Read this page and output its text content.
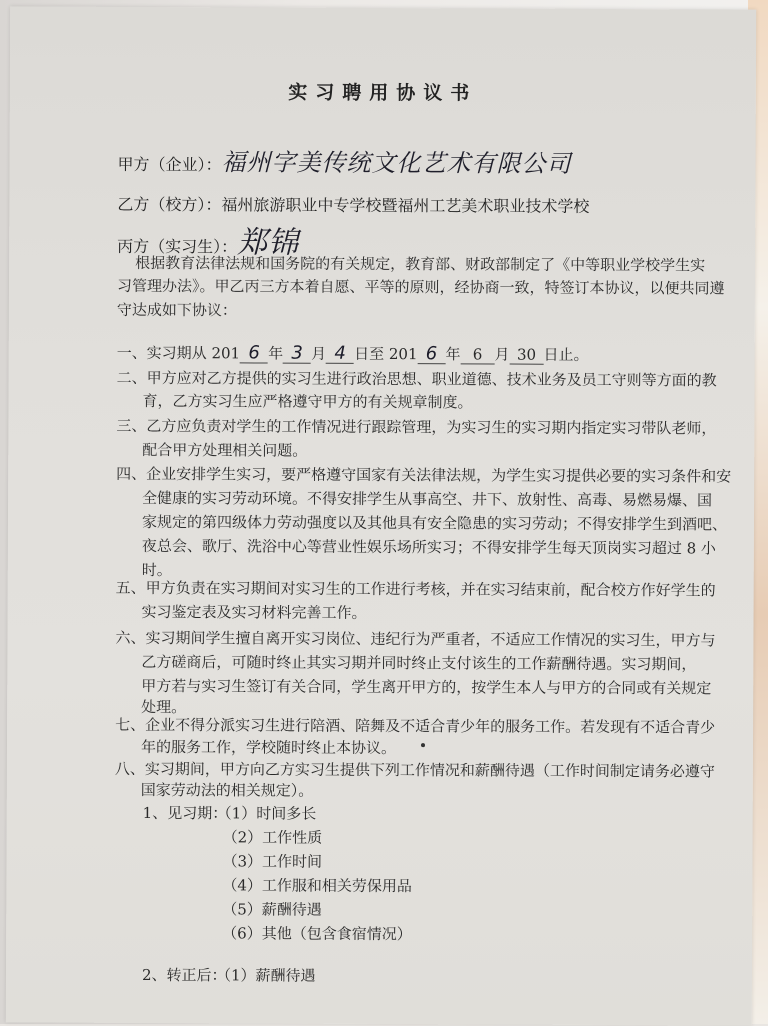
实习聘用协议书
甲方（企业）：福州字美传统文化艺术有限公司
乙方（校方）：福州旅游职业中专学校暨福州工艺美术职业技术学校
丙方（实习生）：郑锦
根据教育法律法规和国务院的有关规定，教育部、财政部制定了《中等职业学校学生实
习管理办法》。甲乙丙三方本着自愿、平等的原则，经协商一致，特签订本协议，以便共同遵
守达成如下协议：
一、实习期从 201 6 年 3 月 4 日至 201 6 年 6 月 30 日止。
二、甲方应对乙方提供的实习生进行政治思想、职业道德、技术业务及员工守则等方面的教
育，乙方实习生应严格遵守甲方的有关规章制度。
三、乙方应负责对学生的工作情况进行跟踪管理，为实习生的实习期内指定实习带队老师，
配合甲方处理相关问题。
四、企业安排学生实习，要严格遵守国家有关法律法规，为学生实习提供必要的实习条件和安
全健康的实习劳动环境。不得安排学生从事高空、井下、放射性、高毒、易燃易爆、国
家规定的第四级体力劳动强度以及其他具有安全隐患的实习劳动；不得安排学生到酒吧、
夜总会、歌厅、洗浴中心等营业性娱乐场所实习；不得安排学生每天顶岗实习超过 8 小
时。
五、甲方负责在实习期间对实习生的工作进行考核，并在实习结束前，配合校方作好学生的
实习鉴定表及实习材料完善工作。
六、实习期间学生擅自离开实习岗位、违纪行为严重者，不适应工作情况的实习生，甲方与
乙方磋商后，可随时终止其实习期并同时终止支付该生的工作薪酬待遇。实习期间，
甲方若与实习生签订有关合同，学生离开甲方的，按学生本人与甲方的合同或有关规定
处理。
七、企业不得分派实习生进行陪酒、陪舞及不适合青少年的服务工作。若发现有不适合青少
年的服务工作，学校随时终止本协议。
八、实习期间，甲方向乙方实习生提供下列工作情况和薪酬待遇（工作时间制定请务必遵守
国家劳动法的相关规定）。
1、见习期：
（1）时间多长
（2）工作性质
（3）工作时间
（4）工作服和相关劳保用品
（5）薪酬待遇
（6）其他（包含食宿情况）
2、转正后：
（1）薪酬待遇
